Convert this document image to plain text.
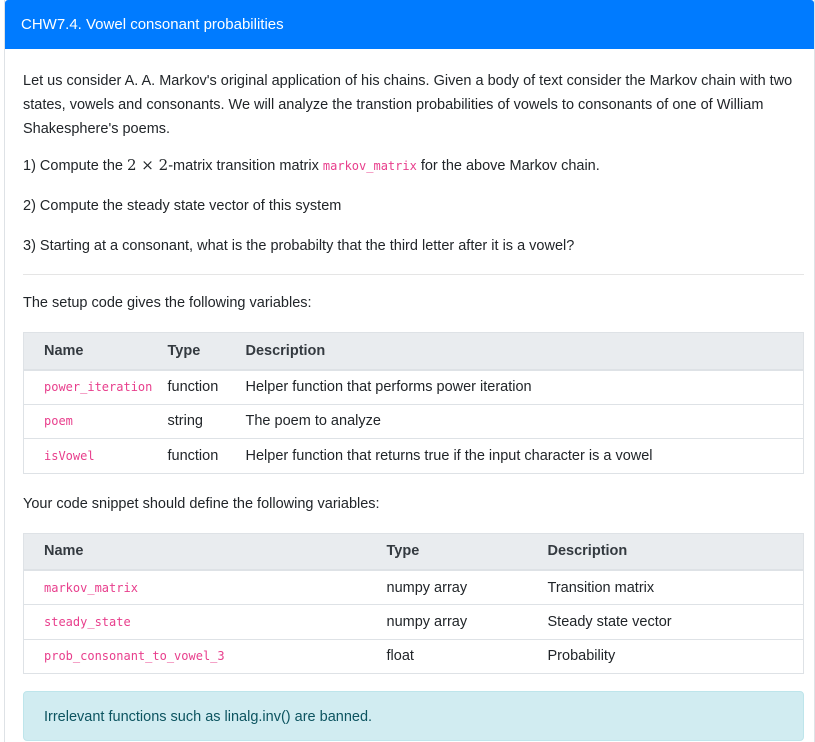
CHW7.4. Vowel consonant probabilities

Let us consider A. A. Markov's original application of his chains. Given a body of text consider the Markov chain with two states, vowels and consonants. We will analyze the transtion probabilities of vowels to consonants of one of William Shakesphere's poems.

1) Compute the 2 × 2-matrix transition matrix markov_matrix for the above Markov chain.

2) Compute the steady state vector of this system

3) Starting at a consonant, what is the probabilty that the third letter after it is a vowel?

The setup code gives the following variables:

Name	Type	Description
power_iteration	function	Helper function that performs power iteration
poem	string	The poem to analyze
isVowel	function	Helper function that returns true if the input character is a vowel

Your code snippet should define the following variables:

Name	Type	Description
markov_matrix	numpy array	Transition matrix
steady_state	numpy array	Steady state vector
prob_consonant_to_vowel_3	float	Probability
Irrelevant functions such as linalg.inv() are banned.
